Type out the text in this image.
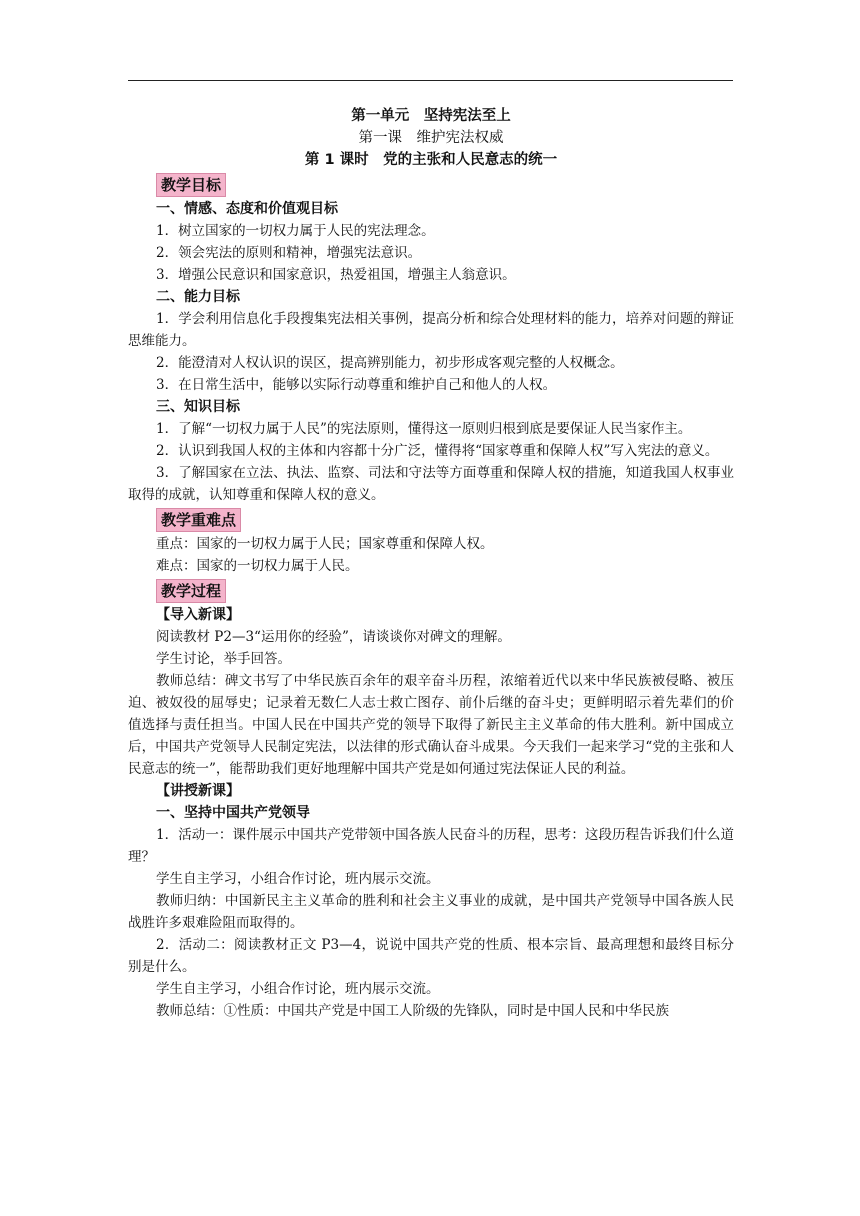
第一单元　坚持宪法至上

第一课　维护宪法权威

第 1 课时　党的主张和人民意志的统一

教学目标

一、情感、态度和价值观目标

1．树立国家的一切权力属于人民的宪法理念。

2．领会宪法的原则和精神，增强宪法意识。

3．增强公民意识和国家意识，热爱祖国，增强主人翁意识。

二、能力目标

1．学会利用信息化手段搜集宪法相关事例，提高分析和综合处理材料的能力，培养对问题的辩证思维能力。

2．能澄清对人权认识的误区，提高辨别能力，初步形成客观完整的人权概念。

3．在日常生活中，能够以实际行动尊重和维护自己和他人的人权。

三、知识目标

1．了解“一切权力属于人民”的宪法原则，懂得这一原则归根到底是要保证人民当家作主。

2．认识到我国人权的主体和内容都十分广泛，懂得将“国家尊重和保障人权”写入宪法的意义。

3．了解国家在立法、执法、监察、司法和守法等方面尊重和保障人权的措施，知道我国人权事业取得的成就，认知尊重和保障人权的意义。

教学重难点

重点：国家的一切权力属于人民；国家尊重和保障人权。

难点：国家的一切权力属于人民。

教学过程

【导入新课】

阅读教材 P2—3“运用你的经验”，请谈谈你对碑文的理解。

学生讨论，举手回答。

教师总结：碑文书写了中华民族百余年的艰辛奋斗历程，浓缩着近代以来中华民族被侵略、被压迫、被奴役的屈辱史；记录着无数仁人志士救亡图存、前仆后继的奋斗史；更鲜明昭示着先辈们的价值选择与责任担当。中国人民在中国共产党的领导下取得了新民主主义革命的伟大胜利。新中国成立后，中国共产党领导人民制定宪法，以法律的形式确认奋斗成果。今天我们一起来学习“党的主张和人民意志的统一”，能帮助我们更好地理解中国共产党是如何通过宪法保证人民的利益。

【讲授新课】

一、坚持中国共产党领导

1．活动一：课件展示中国共产党带领中国各族人民奋斗的历程，思考：这段历程告诉我们什么道理？

学生自主学习，小组合作讨论，班内展示交流。

教师归纳：中国新民主主义革命的胜利和社会主义事业的成就，是中国共产党领导中国各族人民战胜许多艰难险阻而取得的。

2．活动二：阅读教材正文 P3—4，说说中国共产党的性质、根本宗旨、最高理想和最终目标分别是什么。

学生自主学习，小组合作讨论，班内展示交流。

教师总结：①性质：中国共产党是中国工人阶级的先锋队，同时是中国人民和中华民族
